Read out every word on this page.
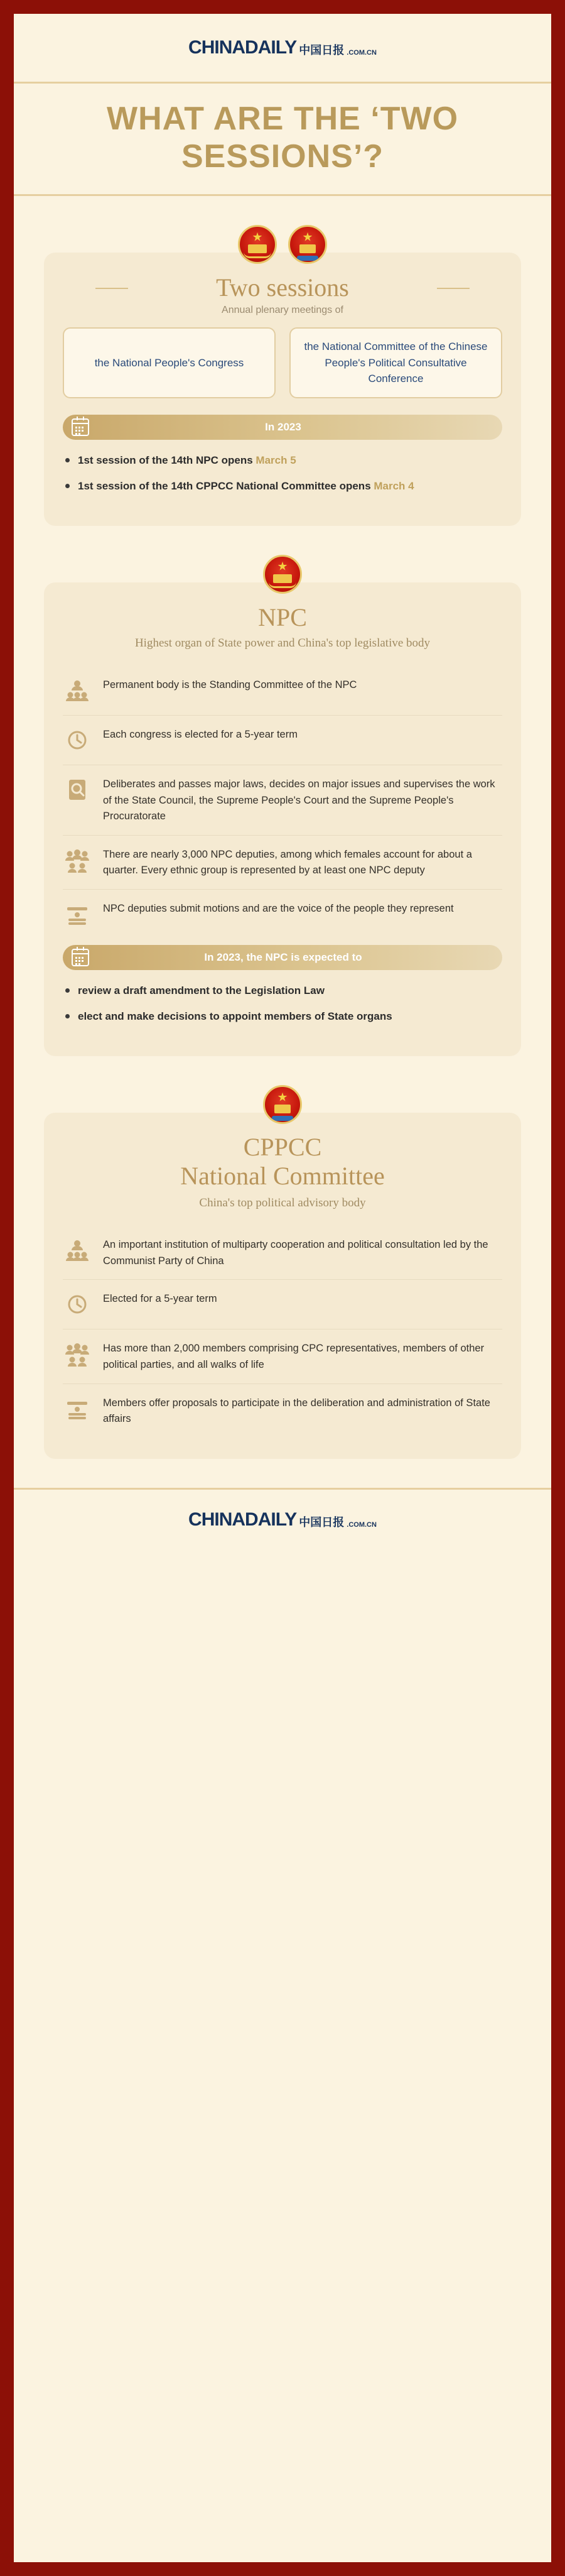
CHINADAILY 中国日报 .COM.CN
WHAT ARE THE ‘TWO SESSIONS’?
★	★
Two sessions
Annual plenary meetings of
the National People's Congress
the National Committee of the Chinese People's Political Consultative Conference
In 2023
1st session of the 14th NPC opens March 5
1st session of the 14th CPPCC National Committee opens March 4
★
NPC
Highest organ of State power and China's top legislative body
Permanent body is the Standing Committee of the NPC
Each congress is elected for a 5-year term
Deliberates and passes major laws, decides on major issues and supervises the work of the State Council, the Supreme People's Court and the Supreme People's Procuratorate
There are nearly 3,000 NPC deputies, among which females account for about a quarter. Every ethnic group is represented by at least one NPC deputy
NPC deputies submit motions and are the voice of the people they represent
In 2023, the NPC is expected to
review a draft amendment to the Legislation Law
elect and make decisions to appoint members of State organs
★
CPPCC
National Committee
China's top political advisory body
An important institution of multiparty cooperation and political consultation led by the Communist Party of China
Elected for a 5-year term
Has more than 2,000 members comprising CPC representatives, members of other political parties, and all walks of life
Members offer proposals to participate in the deliberation and administration of State affairs
CHINADAILY 中国日报 .COM.CN
